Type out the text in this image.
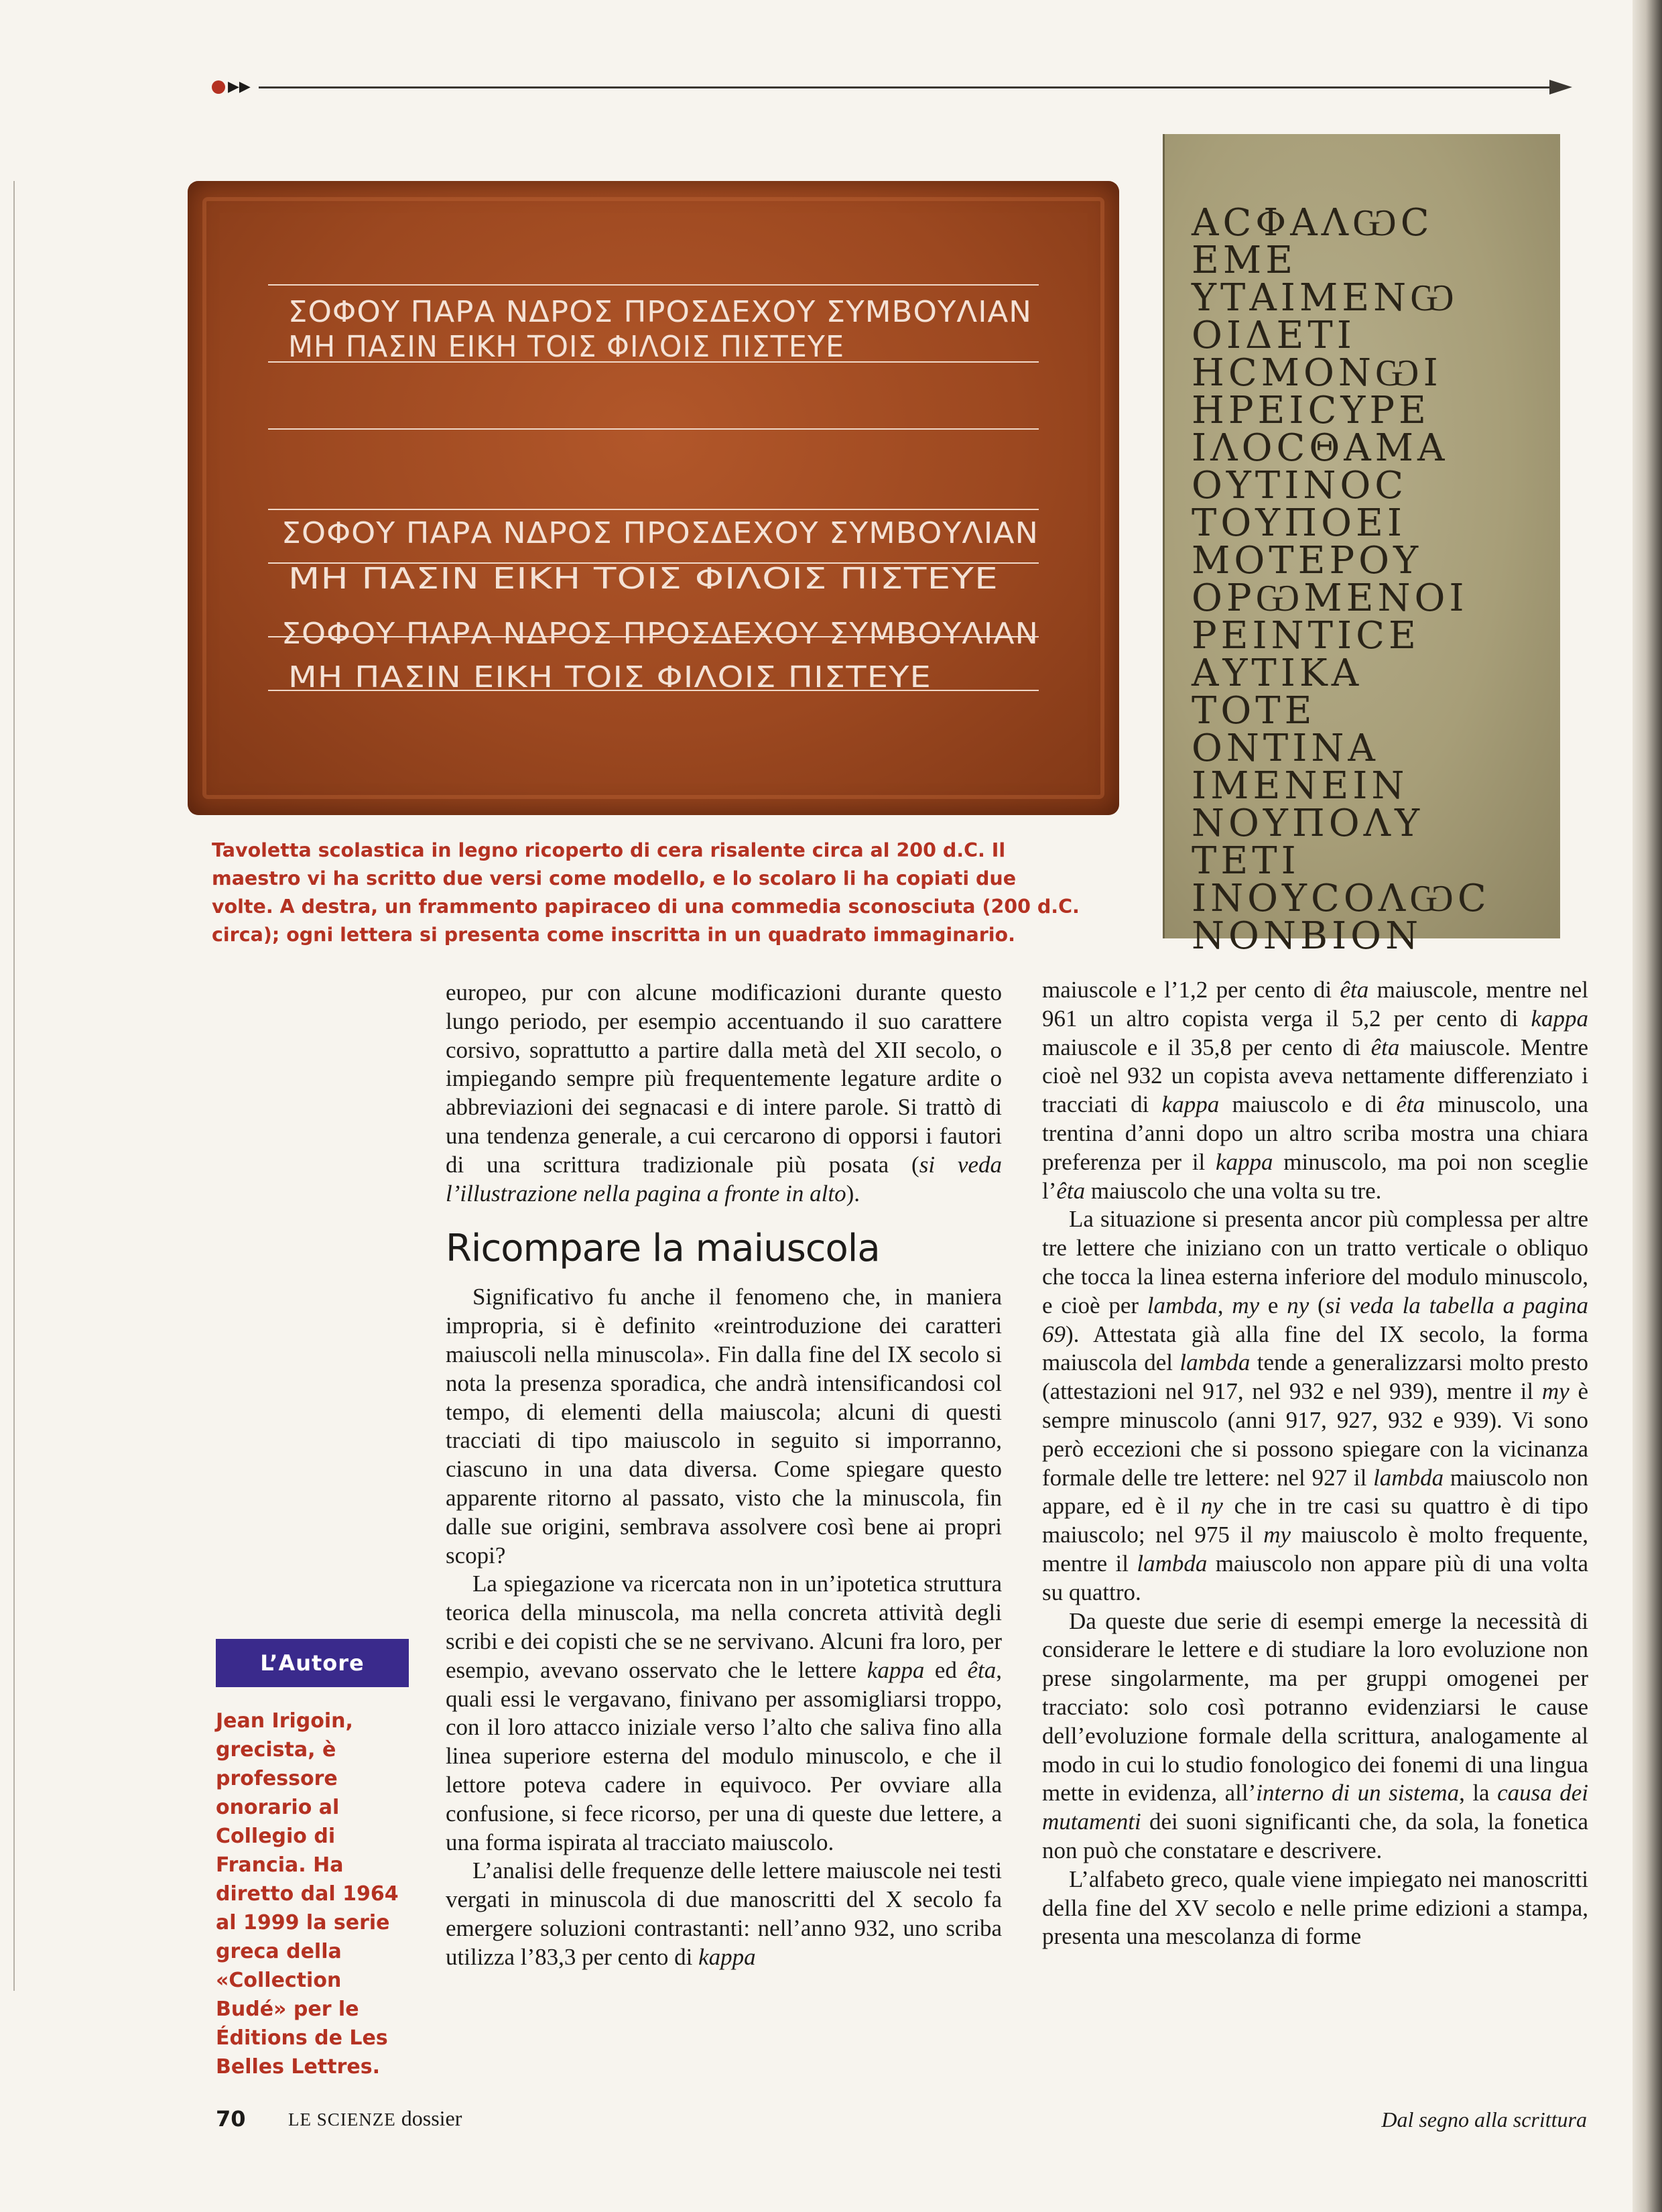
▶▶
ΣΟΦΟΥ ΠΑΡΑ ΝΔΡΟΣ ΠΡΟΣΔΕΧΟΥ ΣΥΜΒΟΥΛΙΑΝ
ΜΗ ΠΑΣΙΝ ΕΙΚΗ ΤΟΙΣ ΦΙΛΟΙΣ ΠΙΣΤΕΥΕ
ΣΟΦΟΥ ΠΑΡΑ ΝΔΡΟΣ ΠΡΟΣΔΕΧΟΥ ΣΥΜΒΟΥΛΙΑΝ
ΜΗ ΠΑΣΙΝ ΕΙΚΗ ΤΟΙΣ ΦΙΛΟΙΣ ΠΙΣΤΕΥΕ
ΣΟΦΟΥ ΠΑΡΑ ΝΔΡΟΣ ΠΡΟΣΔΕΧΟΥ ΣΥΜΒΟΥΛΙΑΝ
ΜΗ ΠΑΣΙΝ ΕΙΚΗ ΤΟΙΣ ΦΙΛΟΙΣ ΠΙΣΤΕΥΕ
ΑCΦΑΛѠC
ΕΜΕ
ΥΤΑΙΜΕΝѠ
ΟΙΔΕΤΙ
ΗCΜΟΝѠΙ
ΗΡΕΙCΥΡΕ
ΙΛΟCΘΑΜΑ
ΟΥΤΙΝΟC
ΤΟΥΠΟΕΙ
ΜΟΤΕΡΟΥ
ΟΡѠΜΕΝΟΙ
ΡΕΙΝΤΙCΕ
ΑΥΤΙΚΑ
ΤΟΤΕ
ΟΝΤΙΝΑ
ΙΜΕΝΕΙΝ
ΝΟΥΠΟΛΥ
ΤΕΤΙ
ΙΝΟΥCΟΛѠC
ΝΟΝΒΙΟΝ
Tavoletta scolastica in legno ricoperto di cera risalente circa al 200 d.C. Il maestro vi ha scritto due versi come modello, e lo scolaro li ha copiati due volte. A destra, un frammento papiraceo di una commedia sconosciuta (200 d.C. circa); ogni lettera si presenta come inscritta in un quadrato immaginario.

europeo, pur con alcune modificazioni durante questo lungo periodo, per esempio accentuando il suo carattere corsivo, soprattutto a partire dalla metà del XII secolo, o impiegando sempre più frequentemente legature ardite o abbreviazioni dei segnacasi e di intere parole. Si trattò di una tendenza generale, a cui cercarono di opporsi i fautori di una scrittura tradizionale più posata (si veda l’illustrazione nella pagina a fronte in alto).

Ricompare la maiuscola

Significativo fu anche il fenomeno che, in maniera impropria, si è definito «reintroduzione dei caratteri maiuscoli nella minuscola». Fin dalla fine del IX secolo si nota la presenza sporadica, che andrà intensificandosi col tempo, di elementi della maiuscola; alcuni di questi tracciati di tipo maiuscolo in seguito si imporranno, ciascuno in una data diversa. Come spiegare questo apparente ritorno al passato, visto che la minuscola, fin dalle sue origini, sembrava assolvere così bene ai propri scopi?

La spiegazione va ricercata non in un’ipotetica struttura teorica della minuscola, ma nella concreta attività degli scribi e dei copisti che se ne servivano. Alcuni fra loro, per esempio, avevano osservato che le lettere kappa ed êta, quali essi le vergavano, finivano per assomigliarsi troppo, con il loro attacco iniziale verso l’alto che saliva fino alla linea superiore esterna del modulo minuscolo, e che il lettore poteva cadere in equivoco. Per ovviare alla confusione, si fece ricorso, per una di queste due lettere, a una forma ispirata al tracciato maiuscolo.

L’analisi delle frequenze delle lettere maiuscole nei testi vergati in minuscola di due manoscritti del X secolo fa emergere soluzioni contrastanti: nell’anno 932, uno scriba utilizza l’83,3 per cento di kappa

maiuscole e l’1,2 per cento di êta maiuscole, mentre nel 961 un altro copista verga il 5,2 per cento di kappa maiuscole e il 35,8 per cento di êta maiuscole. Mentre cioè nel 932 un copista aveva nettamente differenziato i tracciati di kappa maiuscolo e di êta minuscolo, una trentina d’anni dopo un altro scriba mostra una chiara preferenza per il kappa minuscolo, ma poi non sceglie l’êta maiuscolo che una volta su tre.

La situazione si presenta ancor più complessa per altre tre lettere che iniziano con un tratto verticale o obliquo che tocca la linea esterna inferiore del modulo minuscolo, e cioè per lambda, my e ny (si veda la tabella a pagina 69). Attestata già alla fine del IX secolo, la forma maiuscola del lambda tende a generalizzarsi molto presto (attestazioni nel 917, nel 932 e nel 939), mentre il my è sempre minuscolo (anni 917, 927, 932 e 939). Vi sono però eccezioni che si possono spiegare con la vicinanza formale delle tre lettere: nel 927 il lambda maiuscolo non appare, ed è il ny che in tre casi su quattro è di tipo maiuscolo; nel 975 il my maiuscolo è molto frequente, mentre il lambda maiuscolo non appare più di una volta su quattro.

Da queste due serie di esempi emerge la necessità di considerare le lettere e di studiare la loro evoluzione non prese singolarmente, ma per gruppi omogenei per tracciato: solo così potranno evidenziarsi le cause dell’evoluzione formale della scrittura, analogamente al modo in cui lo studio fonologico dei fonemi di una lingua mette in evidenza, all’interno di un sistema, la causa dei mutamenti dei suoni significanti che, da sola, la fonetica non può che constatare e descrivere.

L’alfabeto greco, quale viene impiegato nei manoscritti della fine del XV secolo e nelle prime edizioni a stampa, presenta una mescolanza di forme

L’Autore
Jean Irigoin, grecista, è professore onorario al Collegio di Francia. Ha diretto dal 1964 al 1999 la serie greca della «Collection Budé» per le Éditions de Les Belles Lettres.
70 LE SCIENZE dossier	Dal segno alla scrittura
